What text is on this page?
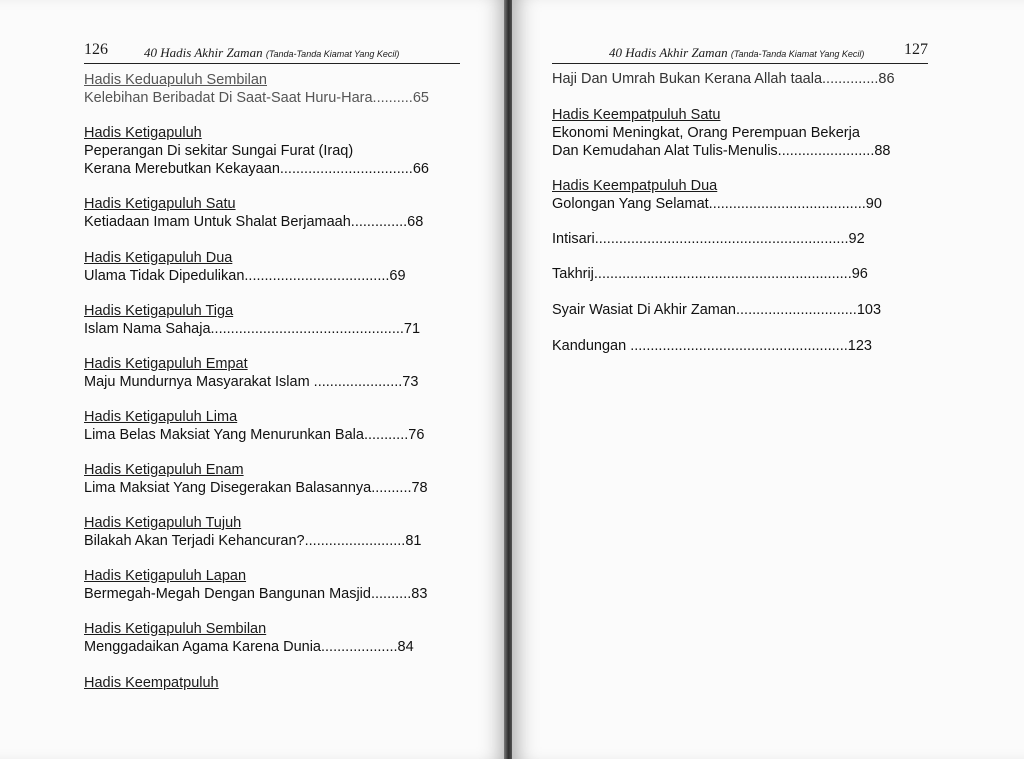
126	40 Hadis Akhir Zaman (Tanda-Tanda Kiamat Yang Kecil)
Hadis Keduapuluh Sembilan
Kelebihan Beribadat Di Saat-Saat Huru-Hara..........65
Hadis Ketigapuluh
Peperangan Di sekitar Sungai Furat (Iraq)
Kerana Merebutkan Kekayaan.................................66
Hadis Ketigapuluh Satu
Ketiadaan Imam Untuk Shalat Berjamaah..............68
Hadis Ketigapuluh Dua
Ulama Tidak Dipedulikan....................................69
Hadis Ketigapuluh Tiga
Islam Nama Sahaja................................................71
Hadis Ketigapuluh Empat
Maju Mundurnya Masyarakat Islam ......................73
Hadis Ketigapuluh Lima
Lima Belas Maksiat Yang Menurunkan Bala...........76
Hadis Ketigapuluh Enam
Lima Maksiat Yang Disegerakan Balasannya..........78
Hadis Ketigapuluh Tujuh
Bilakah Akan Terjadi Kehancuran?.........................81
Hadis Ketigapuluh Lapan
Bermegah-Megah Dengan Bangunan Masjid..........83
Hadis Ketigapuluh Sembilan
Menggadaikan Agama Karena Dunia...................84
Hadis Keempatpuluh
40 Hadis Akhir Zaman (Tanda-Tanda Kiamat Yang Kecil) 127
Haji Dan Umrah Bukan Kerana Allah taala..............86
Hadis Keempatpuluh Satu
Ekonomi Meningkat, Orang Perempuan Bekerja
Dan Kemudahan Alat Tulis-Menulis........................88
Hadis Keempatpuluh Dua
Golongan Yang Selamat.......................................90
Intisari...............................................................92
Takhrij................................................................96
Syair Wasiat Di Akhir Zaman..............................103
Kandungan ......................................................123
